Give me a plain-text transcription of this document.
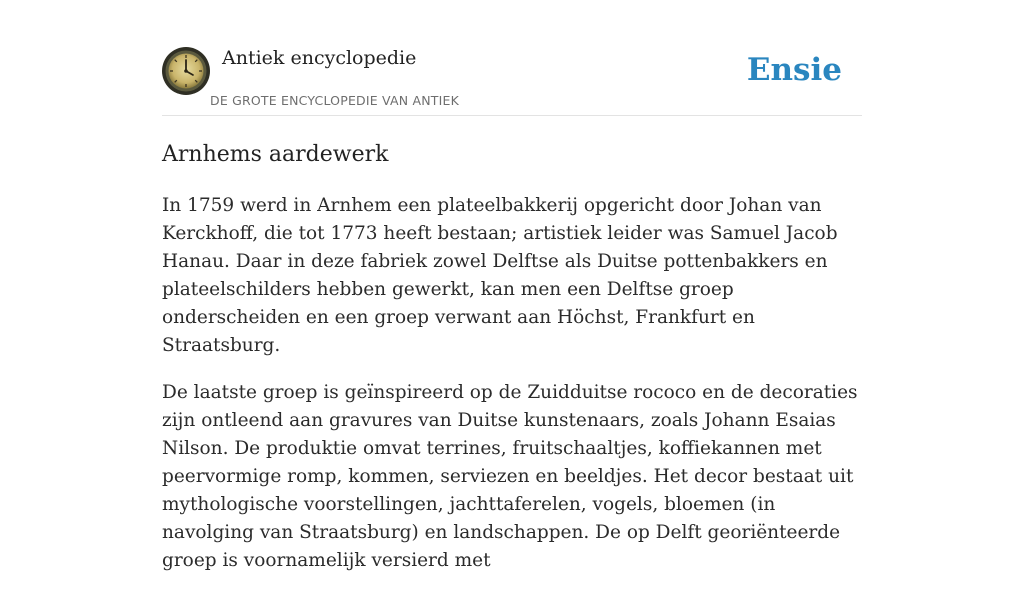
Antiek encyclopedie
DE GROTE ENCYCLOPEDIE VAN ANTIEK
Ensie
Arnhems aardewerk

In 1759 werd in Arnhem een plateelbakkerij opgericht door Johan van Kerckhoff, die tot 1773 heeft bestaan; artistiek leider was Samuel Jacob Hanau. Daar in deze fabriek zowel Delftse als Duitse pottenbakkers en plateelschilders hebben gewerkt, kan men een Delftse groep onderscheiden en een groep verwant aan Höchst, Frankfurt en Straatsburg.

De laatste groep is geïnspireerd op de Zuidduitse rococo en de decoraties zijn ontleend aan gravures van Duitse kunstenaars, zoals Johann Esaias Nilson. De produktie omvat terrines, fruitschaaltjes, koffiekannen met peervormige romp, kommen, serviezen en beeldjes. Het decor bestaat uit mythologische voorstellingen, jachttaferelen, vogels, bloemen (in navolging van Straatsburg) en landschappen. De op Delft georiënteerde groep is voornamelijk versierd met
